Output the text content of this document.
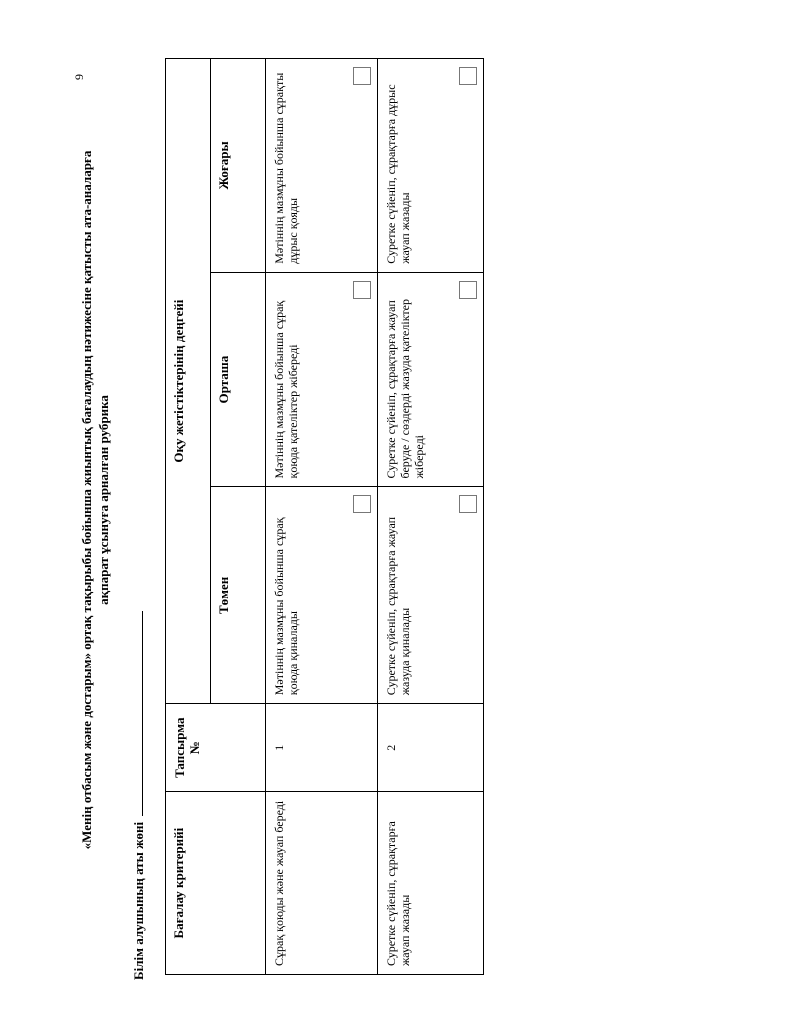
«Менің отбасым және достарым» ортақ тақырыбы бойынша жиынтық бағалаудың нәтижесіне қатысты ата-аналарға ақпарат ұсынуға арналған рубрика
Білім алушының аты жөні Бағалау критерийі	Тапсырма №	Оқу жетістіктерінің деңгейі		
		Төмен	Орташа	Жоғары
Сұрақ қоюды және жауап береді	1	Мәтіннің мазмұны бойынша сұрақ қоюда қиналады	Мәтіннің мазмұны бойынша сұрақ қоюда қателіктер жібереді	Мәтіннің мазмұны бойынша сұрақты дұрыс қояды

Суретке сүйеніп, сұрақтарға жауап жазады	2	Суретке сүйеніп, сұрақтарға жауап жазуда қиналады	Суретке сүйеніп, сұрақтарға жауап беруде / сөздерді жазуда қателіктер жібереді	Суретке сүйеніп, сұрақтарға дұрыс жауап жазады
9
